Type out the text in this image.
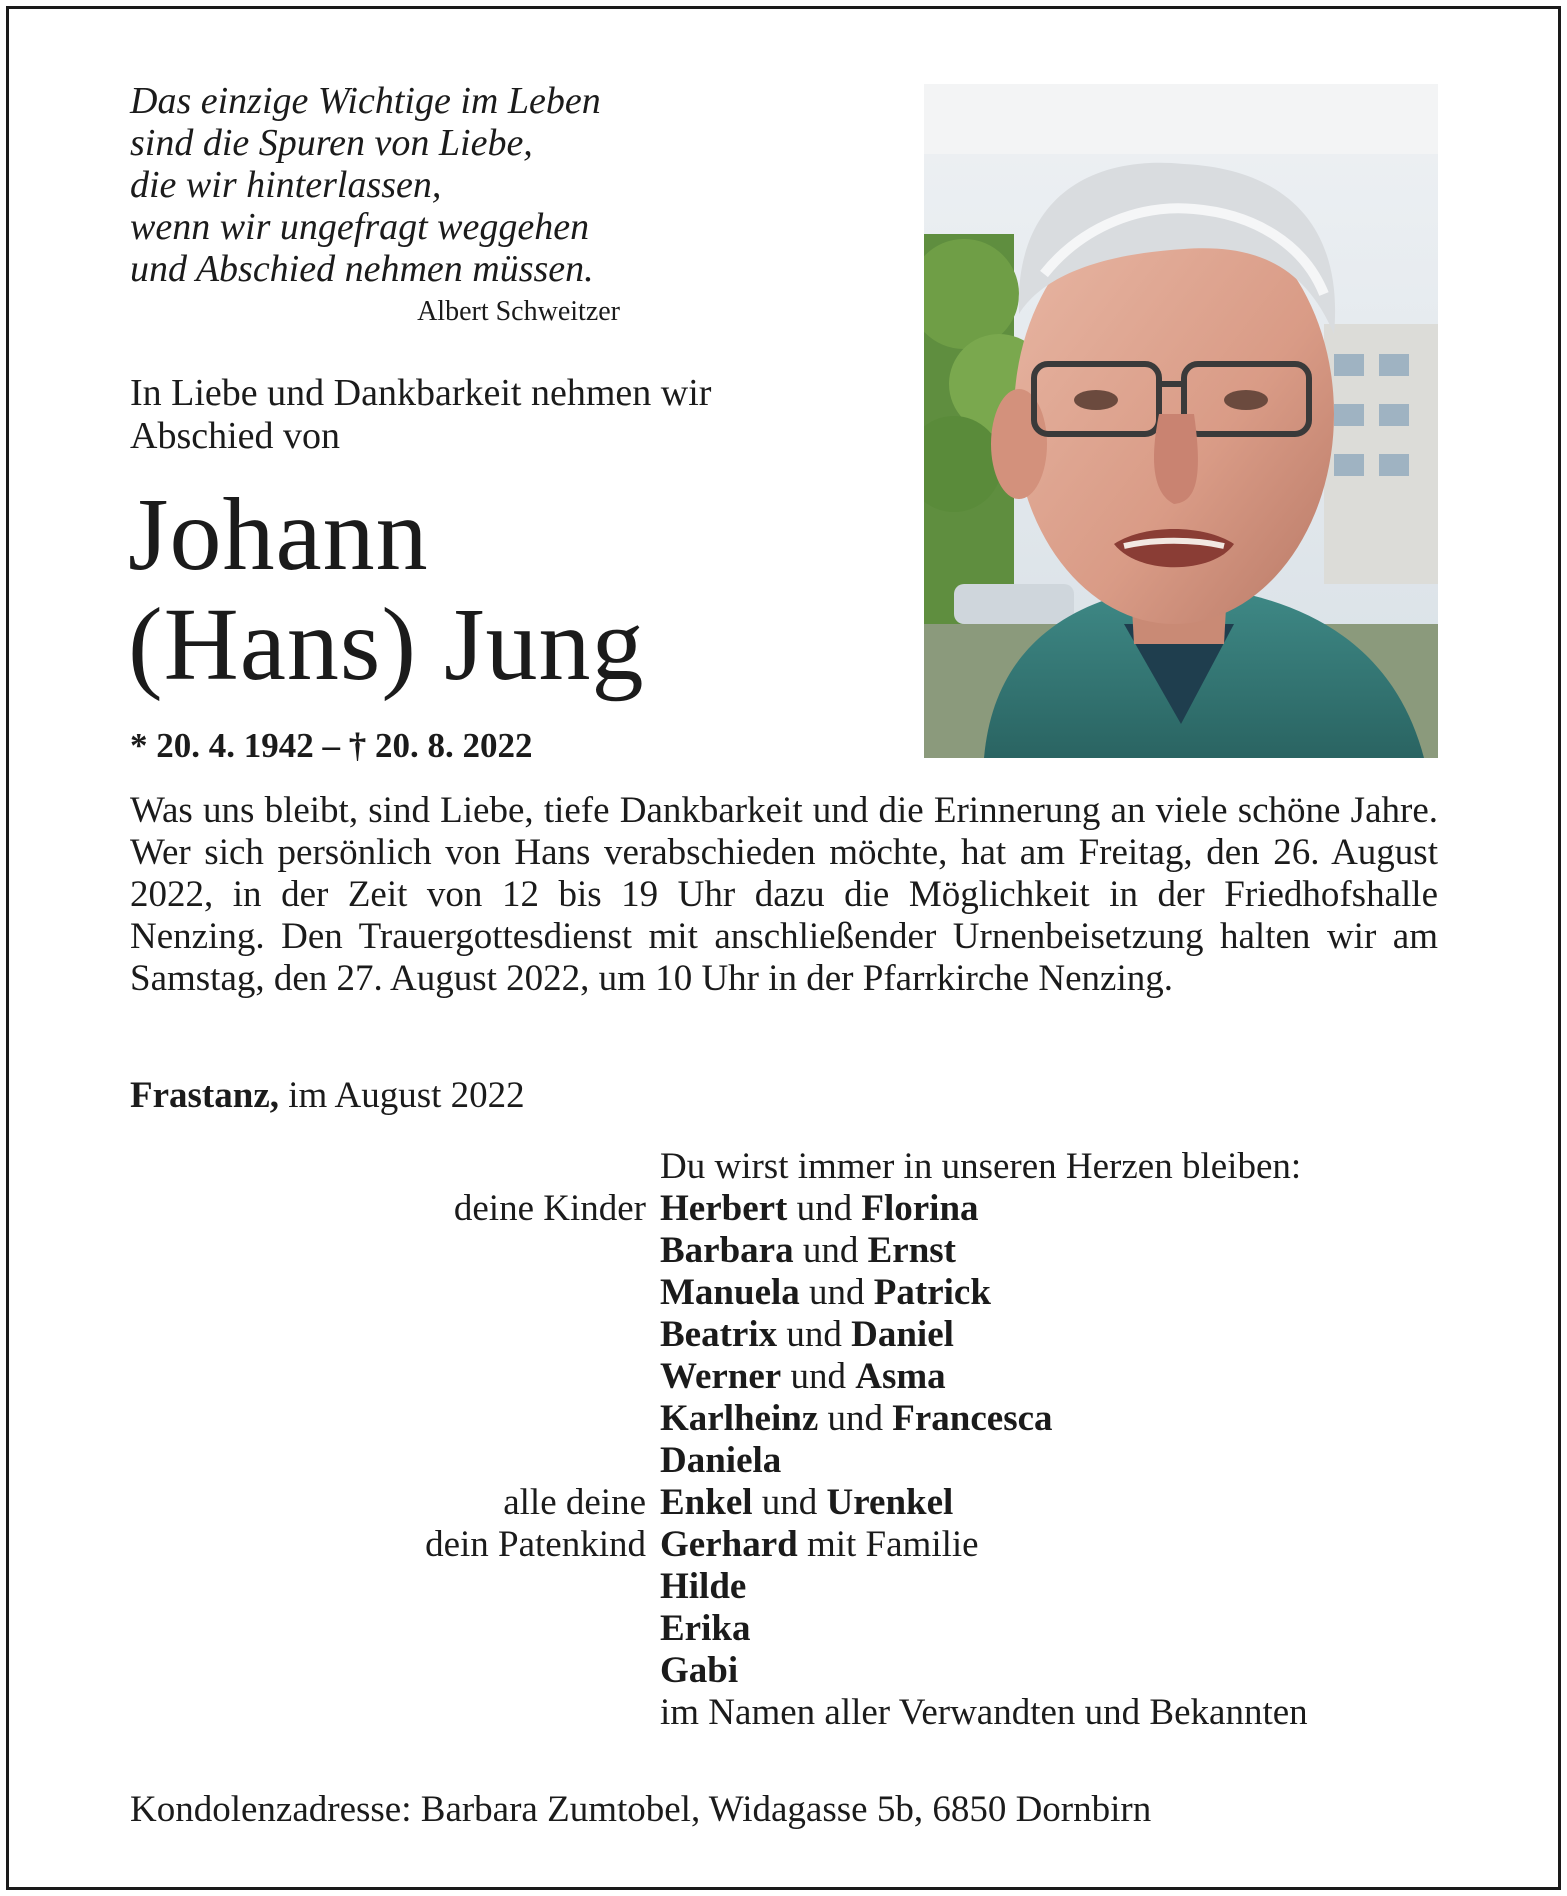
Das einzige Wichtige im Leben
sind die Spuren von Liebe,
die wir hinterlassen,
wenn wir ungefragt weggehen
und Abschied nehmen müssen.
Albert Schweitzer
In Liebe und Dankbarkeit nehmen wir
Abschied von
Johann
(Hans) Jung
* 20. 4. 1942 – † 20. 8. 2022
Was uns bleibt, sind Liebe, tiefe Dankbarkeit und die Erinnerung an viele schöne Jahre. Wer sich persönlich von Hans verabschieden möchte, hat am Freitag, den 26. August 2022, in der Zeit von 12 bis 19 Uhr dazu die Möglichkeit in der Friedhofshalle Nenzing. Den Trauergottesdienst mit anschließender Urnenbeisetzung halten wir am Samstag, den 27. August 2022, um 10 Uhr in der Pfarrkirche Nenzing.
Frastanz, im August 2022
Du wirst immer in unseren Herzen bleiben:
deine Kinder Herbert und Florina
Barbara und Ernst
Manuela und Patrick
Beatrix und Daniel
Werner und Asma
Karlheinz und Francesca
Daniela
alle deine Enkel und Urenkel
dein Patenkind Gerhard mit Familie
Hilde
Erika
Gabi
im Namen aller Verwandten und Bekannten
Kondolenzadresse: Barbara Zumtobel, Widagasse 5b, 6850 Dornbirn
